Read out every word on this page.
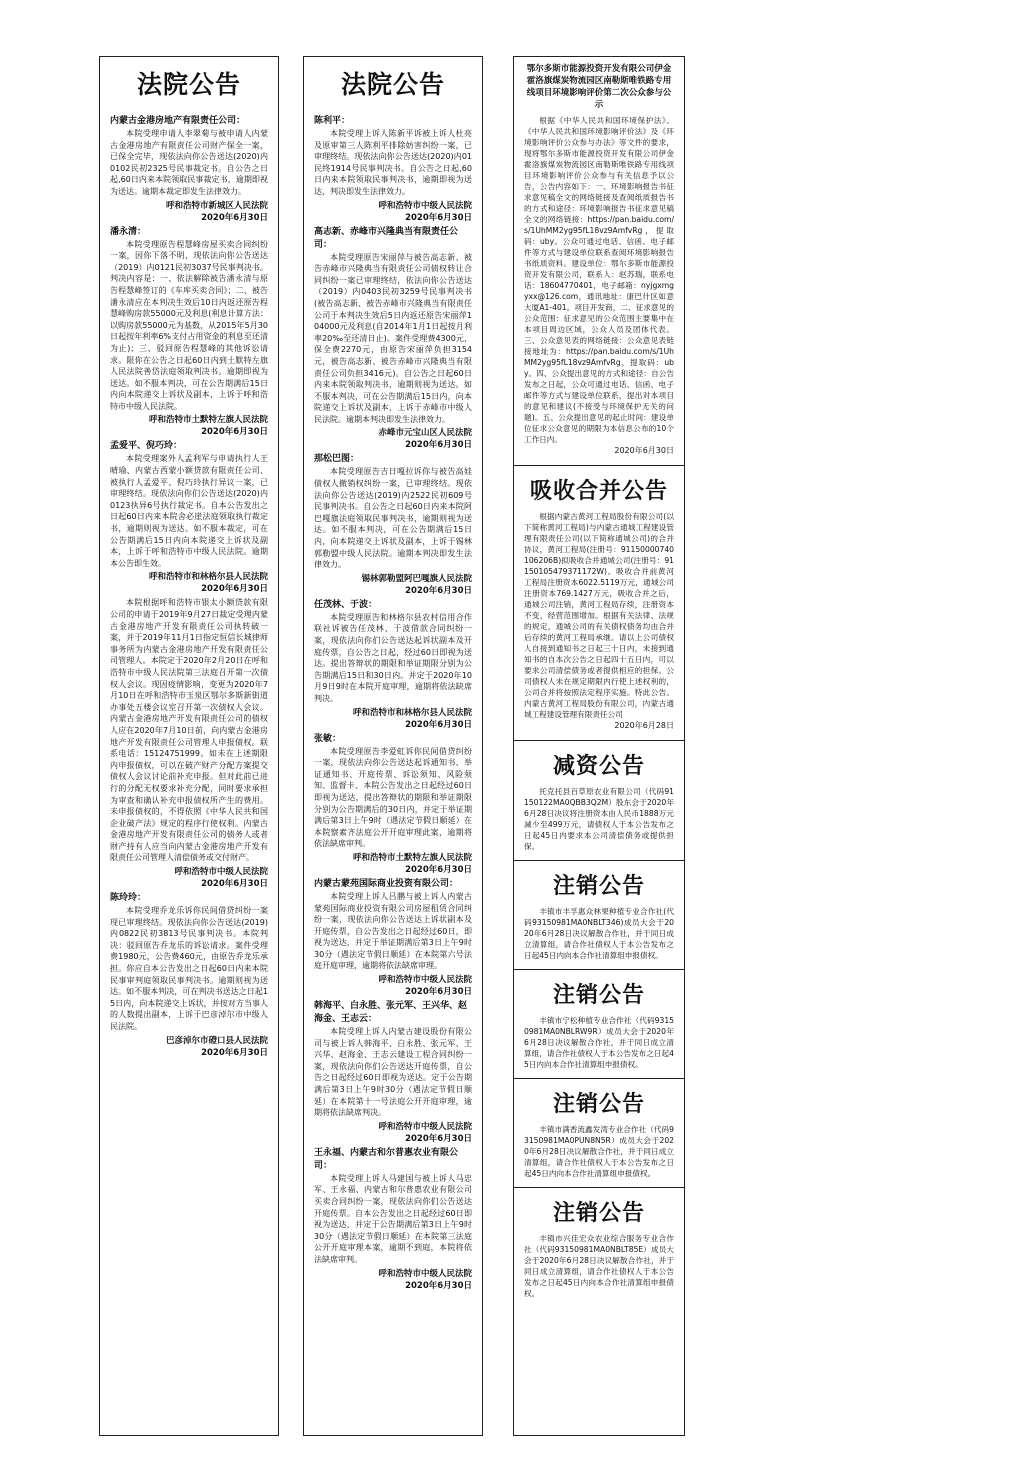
法院公告
内蒙古金港房地产有限责任公司：

本院受理申请人李翠菊与被申请人内蒙古金港房地产有限责任公司财产保全一案，已保全完毕，现依法向你公告送达(2020)内0102民初2325号民事裁定书。自公告之日起,60日内来本院领取民事裁定书，逾期即视为送达。逾期本裁定即发生法律效力。

呼和浩特市新城区人民法院
2020年6月30日
潘永清：

本院受理原告程慧峰房屋买卖合同纠纷一案，因你下落不明，现依法向你公告送达（2019）内0121民初3037号民事判决书。判决内容是：一、依法解除被告潘永清与原告程慧峰签订的《车库买卖合同》；二、被告潘永清应在本判决生效后10日内返还原告程慧峰购房款55000元及利息(利息计算方法：以购房款55000元为基数，从2015年5月30日起按年利率6%支付占用资金的利息至还清为止)；三、驳回原告程慧峰的其他诉讼请求。限你在公告之日起60日内到土默特左旗人民法院善岱法庭领取判决书。逾期即视为送达。如不服本判决，可在公告期满后15日内向本院递交上诉状及副本，上诉于呼和浩特市中级人民法院。

呼和浩特市土默特左旗人民法院
2020年6月30日
孟爱平、倪巧玲：

本院受理案外人孟利军与申请执行人王晴瑜、内蒙古西蒙小额贷款有限责任公司、被执行人孟爱平、倪巧玲执行异议一案，已审理终结。现依法向你们公告送达(2020)内0123执异6号执行裁定书。自本公告发出之日起60日内来本院舍必崖法庭领取执行裁定书，逾期则视为送达。如不服本裁定，可在公告期满后15日内向本院递交上诉状及副本，上诉于呼和浩特市中级人民法院。逾期本公告即生效。

呼和浩特市和林格尔县人民法院
2020年6月30日

本院根据呼和浩特市银太小额贷款有限公司的申请于2019年9月27日裁定受理内蒙古金港房地产开发有限责任公司执转破一案，并于2019年11月1日指定恒信长城律师事务所为内蒙古金港房地产开发有限责任公司管理人。本院定于2020年2月20日在呼和浩特市中级人民法院第三法庭召开第一次债权人会议。现因疫情影响，变更为2020年7月10日在呼和浩特市玉泉区鄂尔多斯新街道办事处五楼会议室召开第一次债权人会议。内蒙古金港房地产开发有限责任公司的债权人应在2020年7月10日前，向内蒙古金港房地产开发有限责任公司管理人申报债权。联系电话：15124751999。如未在上述期限内申报债权，可以在破产财产分配方案提交债权人会议讨论前补充申报。但对此前已进行的分配无权要求补充分配，同时要求承担为审查和确认补充申报债权所产生的费用。未申报债权的，不得依照《中华人民共和国企业破产法》规定的程序行使权利。内蒙古金港房地产开发有限责任公司的债务人或者财产持有人应当向内蒙古金港房地产开发有限责任公司管理人清偿债务或交付财产。

呼和浩特市中级人民法院
2020年6月30日
陈玲玲：

本院受理乔龙乐诉你民间借贷纠纷一案现已审理终结。现依法向你公告送达(2019)内0822民初3813号民事判决书。本院判决：驳回原告乔龙乐的诉讼请求。案件受理费1980元，公告费460元，由原告乔龙乐承担。你应自本公告发出之日起60日内来本院民事审判庭领取民事判决书。逾期则视为送达。如不服本判决，可在判决书送达之日起15日内，向本院递交上诉状，并按对方当事人的人数提出副本，上诉于巴彦淖尔市中级人民法院。

巴彦淖尔市磴口县人民法院
2020年6月30日
法院公告
陈利平：

本院受理上诉人陈新平诉被上诉人杜亮及原审第三人陈利平排除妨害纠纷一案，已审理终结。现依法向你公告送达(2020)内01民终1914号民事判决书。自公告之日起,60日内来本院领取民事判决书，逾期即视为送达，判决即发生法律效力。

呼和浩特市中级人民法院
2020年6月30日
高志新、赤峰市兴隆典当有限责任公司：

本院受理原告宋丽萍与被告高志新、被告赤峰市兴隆典当有限责任公司债权转让合同纠纷一案已审理终结，依法向你公告送达（2019）内0403民初3259号民事判决书(被告高志新、被告赤峰市兴隆典当有限责任公司于本判决生效后5日内返还原告宋丽萍104000元及利息(自2014年1月1日起按月利率20‰至还清日止)。案件受理费4300元，保全费2270元，由原告宋丽萍负担3154元，被告高志新、被告赤峰市兴隆典当有限责任公司负担3416元)。自公告之日起60日内来本院领取判决书，逾期则视为送达。如不服本判决，可在公告期满后15日内，向本院递交上诉状及副本，上诉于赤峰市中级人民法院。逾期本判决即发生法律效力。

赤峰市元宝山区人民法院
2020年6月30日
那松巴图：

本院受理原告吉日嘎拉诉你与被告高娃债权人撤销权纠纷一案，已审理终结。现依法向你公告送达(2019)内2522民初609号民事判决书。自公告之日起60日内来本院阿巴嘎旗法庭领取民事判决书，逾期则视为送达。如不服本判决，可在公告期满后15日内，向本院递交上诉状及副本，上诉于锡林郭勒盟中级人民法院。逾期本判决即发生法律效力。

锡林郭勒盟阿巴嘎旗人民法院
2020年6月30日
任茂林、于波：

本院受理原告和林格尔县农村信用合作联社诉被告任茂林、于波借款合同纠纷一案，现依法向你们公告送达起诉状副本及开庭传票，自公告之日起，经过60日即视为送达。提出答辩状的期限和举证期限分别为公告期满后15日和30日内。并定于2020年10月9日9时在本院开庭审理，逾期将依法缺席判决。

呼和浩特市和林格尔县人民法院
2020年6月30日
张敏：

本院受理原告李爱虹诉你民间借贷纠纷一案，现依法向你公告送达起诉通知书、举证通知书、开庭传票、诉讼须知、风险须知、监督卡、本院公告发出之日起经过60日即视为送达，提出答辩状的期限和举证期限分别为公告期满后的30日内，并定于举证期满后第3日上午9时（遇法定节假日顺延）在本院察素齐法庭公开开庭审理此案，逾期将依法缺席审判。

呼和浩特市土默特左旗人民法院
2020年6月30日
内蒙古蒙苑国际商业投资有限公司：

本院受理上诉人吕鹏与被上诉人内蒙古蒙苑国际商业投资有限公司房屋租赁合同纠纷一案，现依法向你公告送达上诉状副本及开庭传票，自公告发出之日起经过60日，即视为送达，并定于举证期满后第3日上午9时30分（遇法定节假日顺延）在本院第六号法庭开庭审理，逾期将依法缺席审理。

呼和浩特市中级人民法院
2020年6月30日
韩海平、白永胜、张元军、王兴华、赵海金、王志云：

本院受理上诉人内蒙古建设股份有限公司与被上诉人韩海平、白永胜、张元军、王兴华、赵海金、王志云建设工程合同纠纷一案，现依法向你们公告送达开庭传票，自公告之日起经过60日即视为送达。定于公告期满后第3日上午9时30分（遇法定节假日顺延）在本院第十一号法庭公开开庭审理，逾期将依法缺席判决。

呼和浩特市中级人民法院
2020年6月30日
王永福、内蒙古和尔普惠农业有限公司：

本院受理上诉人马建国与被上诉人马忠军、王永福、内蒙古和尔普惠农业有限公司买卖合同纠纷一案，现依法向你们公告送达开庭传票。自本公告发出之日起经过60日即视为送达，并定于公告期满后第3日上午9时30分（遇法定节假日顺延）在本院第三法庭公开开庭审理本案，逾期不到庭，本院将依法缺席审判。

呼和浩特市中级人民法院
2020年6月30日
鄂尔多斯市能源投资开发有限公司伊金霍洛旗煤炭物流园区南勒斯唯铁路专用线项目环境影响评价第二次公众参与公示

根据《中华人民共和国环境保护法》、《中华人民共和国环境影响评价法》及《环境影响评价公众参与办法》等文件的要求，现将鄂尔多斯市能源投资开发有限公司伊金霍洛旗煤炭物流园区南勒斯唯铁路专用线项目环境影响评价公众参与有关信息予以公告，公告内容如下：一、环境影响报告书征求意见稿全文的网络链接及查阅纸质报告书的方式和途径：环境影响报告书征求意见稿全文的网络链接：https://pan.baidu.com/s/1UhMM2yg95fL18vz9AmfvRg，提取码：uby。公众可通过电话、信函、电子邮件等方式与建设单位联系查阅环境影响报告书纸质资料。建设单位：鄂尔多斯市能源投资开发有限公司，联系人：赵苏瑞，联系电话：18604770401，电子邮箱：nyjgxmgyxx@126.com，通讯地址：康巴什区如意大厦A1-401。项目开发商，二、征求意见的公众范围：征求意见的公众范围主要集中在本项目周边区域，公众人员及团体代表。三、公众意见表的网络链接：公众意见表链接地址为：https://pan.baidu.com/s/1UhMM2yg95fL18vz9AmfvRg，提取码：uby。四、公众提出意见的方式和途径：自公告发布之日起，公众可通过电话、信函、电子邮件等方式与建设单位联系，提出对本项目的意见和建议(不接受与环境保护无关的问题)。五、公众提出意见的起止时间：建设单位征求公众意见的期限为本信息公布的10个工作日内。

2020年6月30日
吸收合并公告

根据内蒙古黄河工程局股份有限公司(以下简称黄河工程局)与内蒙古通城工程建设管理有限责任公司(以下简称通城公司)的合并协议，黄河工程局(注册号：91150000740106206B)拟吸收合并通城公司(注册号：91150105479371172W)。吸收合并前黄河工程局注册资本6022.5119万元，通城公司注册资本769.1427万元，吸收合并之后，通城公司注销，黄河工程局存续，注册资本不变，经营范围增加。根据有关法律、法规的规定，通城公司的有关债权债务均由合并后存续的黄河工程局承继。请以上公司债权人自接到通知书之日起三十日内，未接到通知书的自本次公告之日起四十五日内，可以要求公司清偿债务或者提供相应的担保。公司债权人未在规定期限内行使上述权利的，公司合并将按照法定程序实施。特此公告。内蒙古黄河工程局股份有限公司，内蒙古通城工程建设管理有限责任公司

2020年6月28日
减资公告

托克托县百草原农业有限公司（代码91150122MA0QBB3Q2M）股东会于2020年6月28日决议将注册资本由人民币1888万元减少至499万元，请债权人于本公告发布之日起45日内要求本公司清偿债务或提供担保。

注销公告

丰镇市丰孚惠众林果种植专业合作社(代码93150981MA0NBLT346)成员大会于2020年6月28日决议解散合作社，并于同日成立清算组，请合作社债权人于本公告发布之日起45日内向本合作社清算组申报债权。

注销公告

丰镇市宁松种植专业合作社（代码93150981MA0NBLRW9R）成员大会于2020年6月28日决议解散合作社，并于同日成立清算组，请合作社债权人于本公告发布之日起45日内向本合作社清算组申报债权。

注销公告

丰镇市满香流鑫发湾专业合作社（代码93150981MA0PUN8N5R）成员大会于2020年6月28日决议解散合作社，并于同日成立清算组，请合作社债权人于本公告发布之日起45日内向本合作社清算组申报债权。

注销公告

丰镇市兴佳宏众农业综合服务专业合作社（代码93150981MA0NBLT85E）成员大会于2020年6月28日决议解散合作社，并于同日成立清算组，请合作社债权人于本公告发布之日起45日内向本合作社清算组申报债权。
